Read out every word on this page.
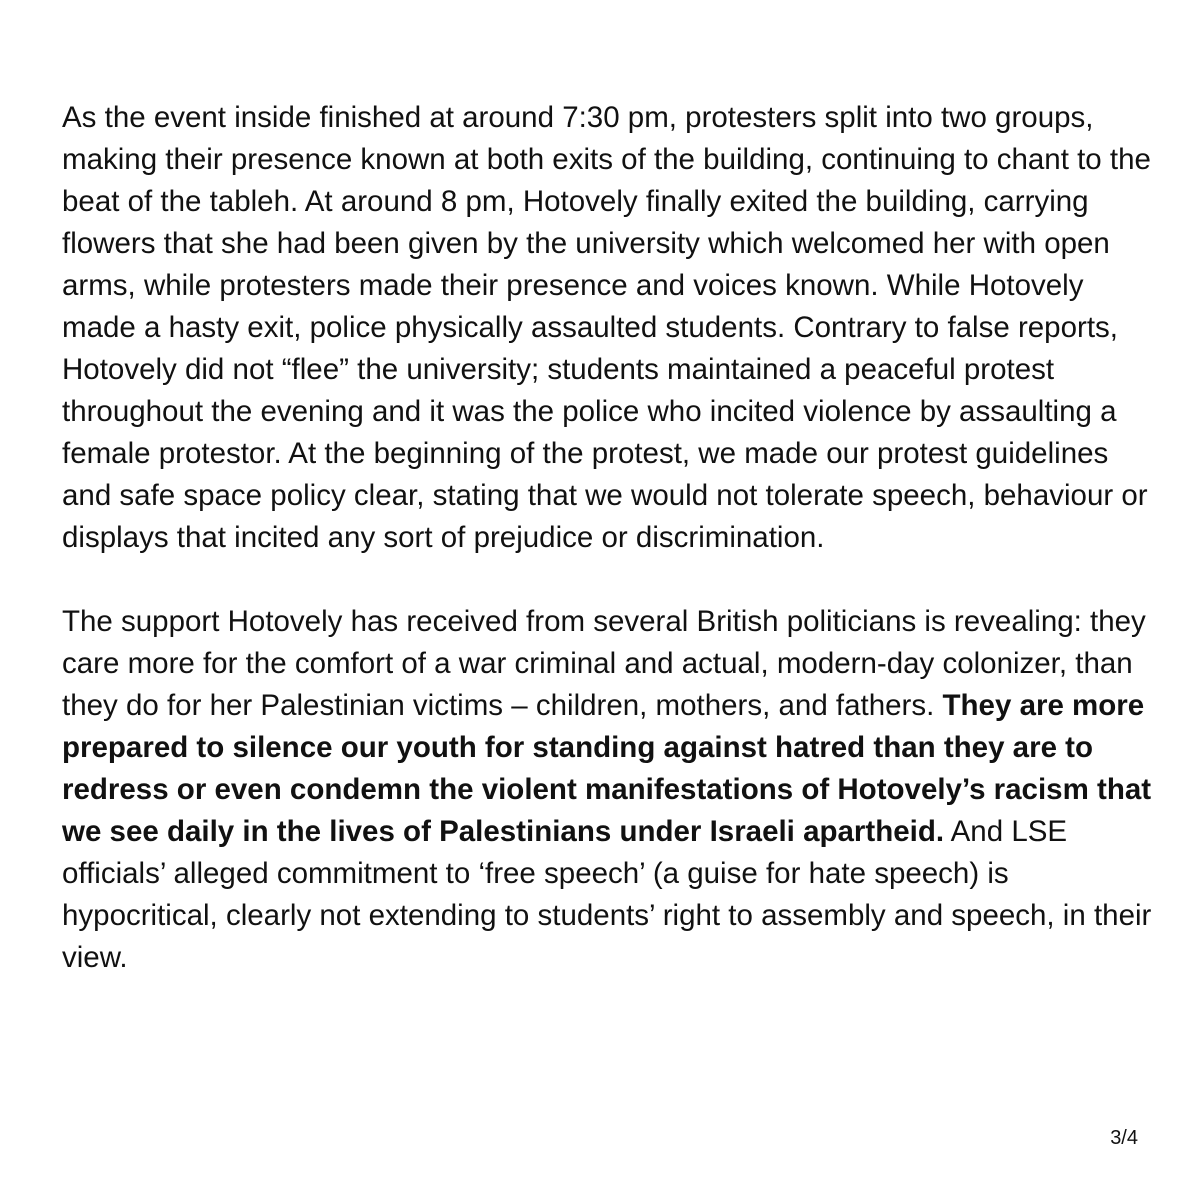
As the event inside finished at around 7:30 pm, protesters split into two groups, making their presence known at both exits of the building, continuing to chant to the beat of the tableh. At around 8 pm, Hotovely finally exited the building, carrying flowers that she had been given by the university which welcomed her with open arms, while protesters made their presence and voices known. While Hotovely made a hasty exit, police physically assaulted students. Contrary to false reports, Hotovely did not “flee” the university; students maintained a peaceful protest throughout the evening and it was the police who incited violence by assaulting a female protestor. At the beginning of the protest, we made our protest guidelines and safe space policy clear, stating that we would not tolerate speech, behaviour or displays that incited any sort of prejudice or discrimination.

The support Hotovely has received from several British politicians is revealing: they care more for the comfort of a war criminal and actual, modern-day colonizer, than they do for her Palestinian victims – children, mothers, and fathers. They are more prepared to silence our youth for standing against hatred than they are to redress or even condemn the violent manifestations of Hotovely’s racism that we see daily in the lives of Palestinians under Israeli apartheid. And LSE officials’ alleged commitment to ‘free speech’ (a guise for hate speech) is hypocritical, clearly not extending to students’ right to assembly and speech, in their view.

3/4
